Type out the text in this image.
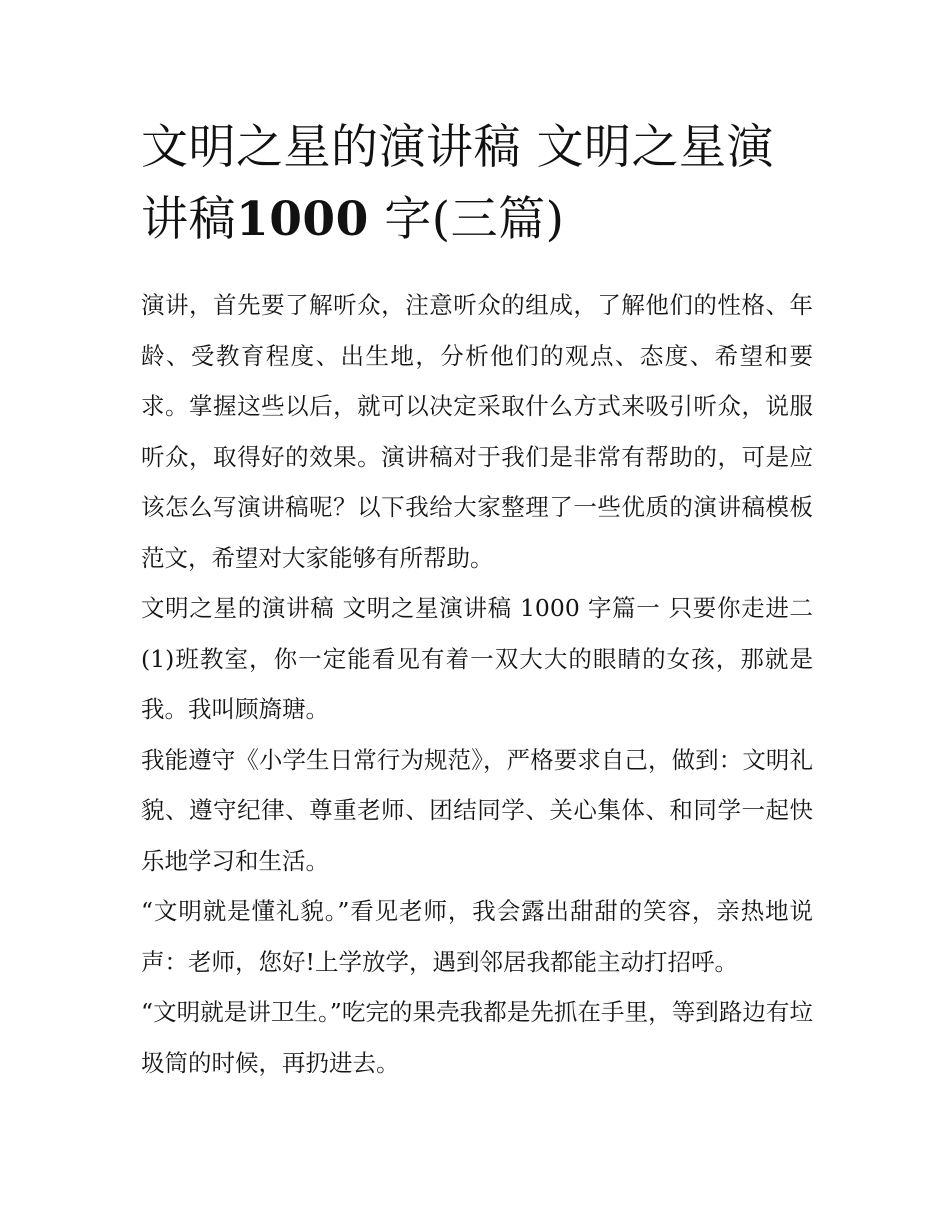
文明之星的演讲稿 文明之星演讲稿1000 字(三篇)

演讲，首先要了解听众，注意听众的组成，了解他们的性格、年龄、受教育程度、出生地，分析他们的观点、态度、希望和要求。掌握这些以后，就可以决定采取什么方式来吸引听众，说服听众，取得好的效果。演讲稿对于我们是非常有帮助的，可是应该怎么写演讲稿呢？以下我给大家整理了一些优质的演讲稿模板范文，希望对大家能够有所帮助。

文明之星的演讲稿 文明之星演讲稿 1000 字篇一 只要你走进二(1)班教室，你一定能看见有着一双大大的眼睛的女孩，那就是我。我叫顾旖瑭。

我能遵守《小学生日常行为规范》，严格要求自己，做到：文明礼貌、遵守纪律、尊重老师、团结同学、关心集体、和同学一起快乐地学习和生活。

“文明就是懂礼貌。”看见老师，我会露出甜甜的笑容，亲热地说声：老师，您好!上学放学，遇到邻居我都能主动打招呼。

“文明就是讲卫生。”吃完的果壳我都是先抓在手里，等到路边有垃圾筒的时候，再扔进去。
